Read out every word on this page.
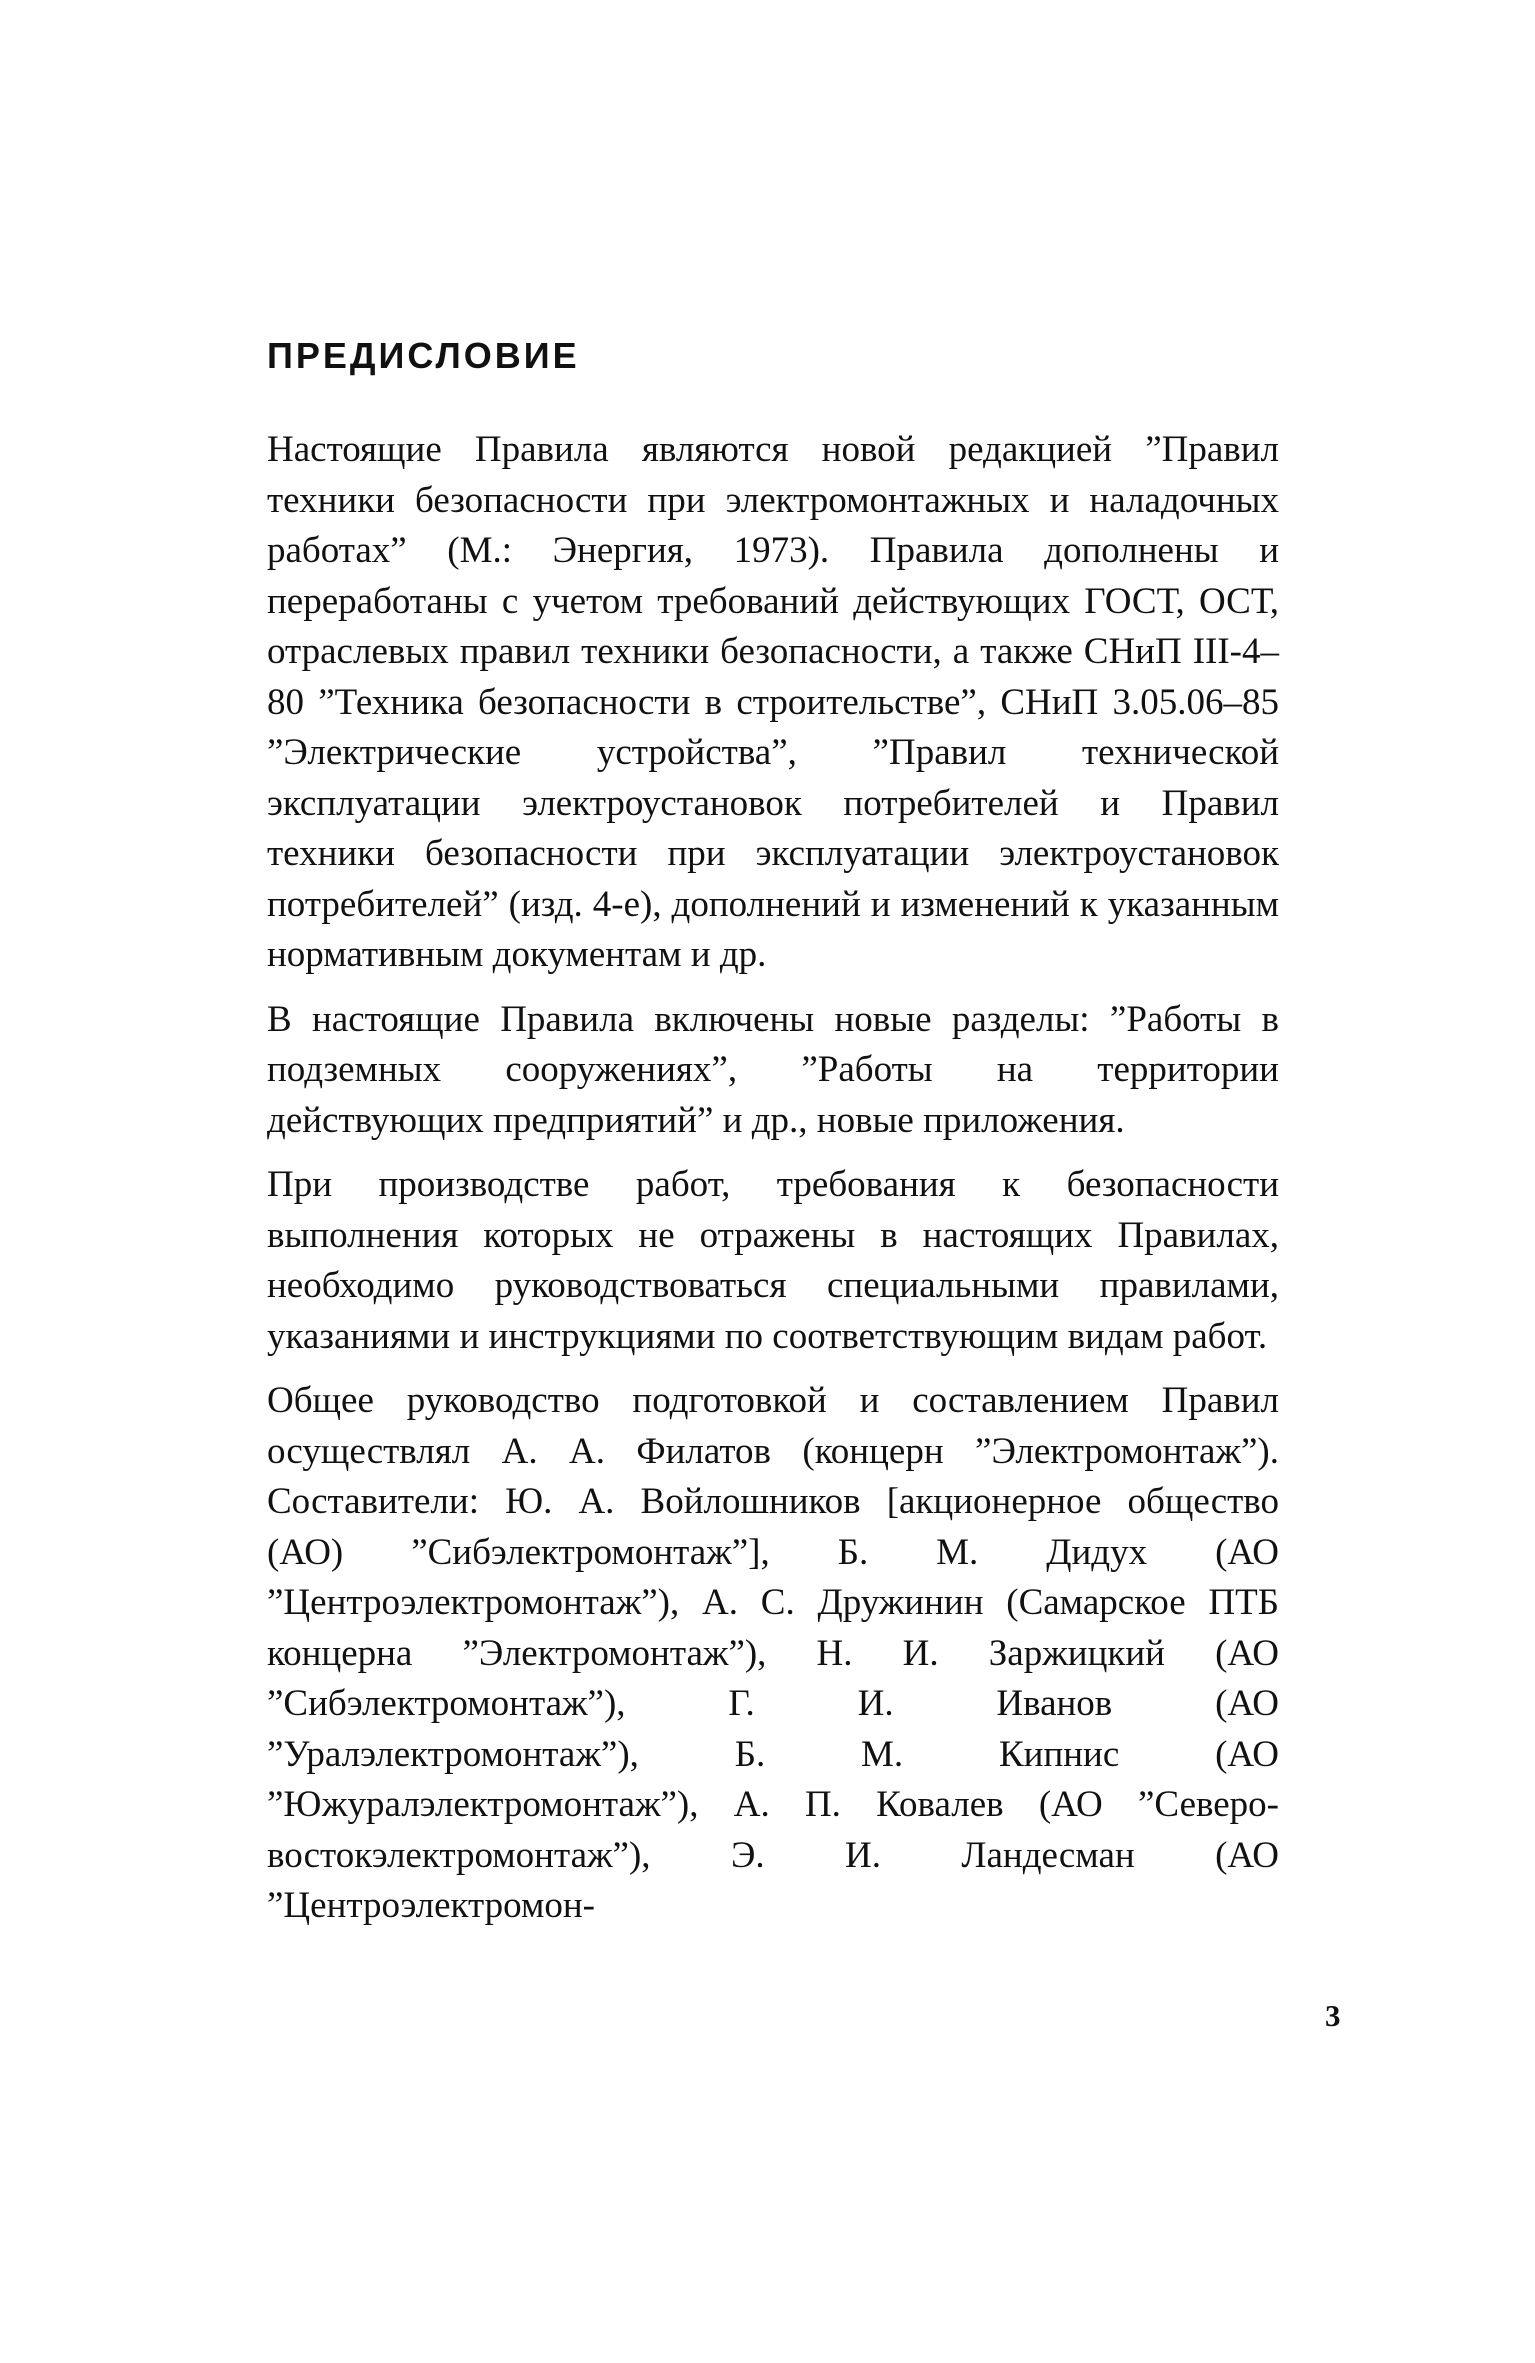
ПРЕДИСЛОВИЕ

Настоящие Правила являются новой редакцией ”Правил техники безопасности при электромонтажных и наладочных работах” (М.: Энергия, 1973). Правила дополнены и переработаны с учетом требований действующих ГОСТ, ОСТ, отраслевых правил техники безопасности, а также СНиП III-4–80 ”Техника безопасности в строительстве”, СНиП 3.05.06–85 ”Электрические устройства”, ”Правил технической эксплуатации электроустановок потребителей и Правил техники безопасности при эксплуатации электроустановок потребителей” (изд. 4-е), дополнений и изменений к указанным нормативным документам и др.

В настоящие Правила включены новые разделы: ”Работы в подземных сооружениях”, ”Работы на территории действующих предприятий” и др., новые приложения.

При производстве работ, требования к безопасности выполнения которых не отражены в настоящих Правилах, необходимо руководствоваться специальными правилами, указаниями и инструкциями по соответствующим видам работ.

Общее руководство подготовкой и составлением Правил осуществлял А. А. Филатов (концерн ”Электромонтаж”). Составители: Ю. А. Войлошников [акционерное общество (АО) ”Сибэлектромонтаж”], Б. М. Дидух (АО ”Центроэлектромонтаж”), А. С. Дружинин (Самарское ПТБ концерна ”Электромонтаж”), Н. И. Заржицкий (АО ”Сибэлектромонтаж”), Г. И. Иванов (АО ”Уралэлектромонтаж”), Б. М. Кипнис (АО ”Южуралэлектромонтаж”), А. П. Ковалев (АО ”Северо-востокэлектромонтаж”), Э. И. Ландесман (АО ”Центроэлектромон-

3
